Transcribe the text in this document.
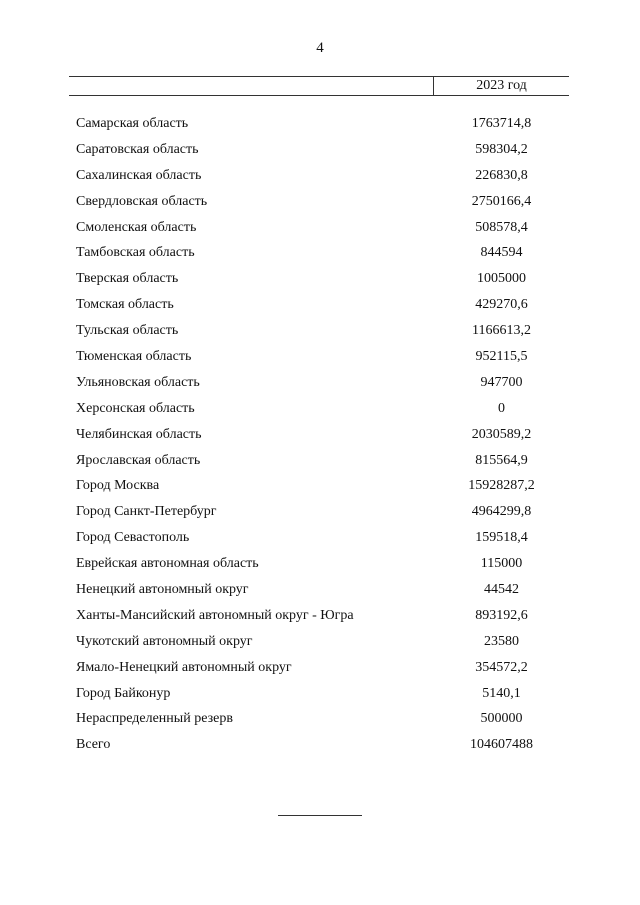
4
2023 год
Самарская область	1763714,8
Саратовская область	598304,2
Сахалинская область	226830,8
Свердловская область	2750166,4
Смоленская область	508578,4
Тамбовская область	844594
Тверская область	1005000
Томская область	429270,6
Тульская область	1166613,2
Тюменская область	952115,5
Ульяновская область	947700
Херсонская область	0
Челябинская область	2030589,2
Ярославская область	815564,9
Город Москва	15928287,2
Город Санкт-Петербург	4964299,8
Город Севастополь	159518,4
Еврейская автономная область	115000
Ненецкий автономный округ	44542
Ханты-Мансийский автономный округ - Югра	893192,6
Чукотский автономный округ	23580
Ямало-Ненецкий автономный округ	354572,2
Город Байконур	5140,1
Нераспределенный резерв	500000
Всего	104607488
